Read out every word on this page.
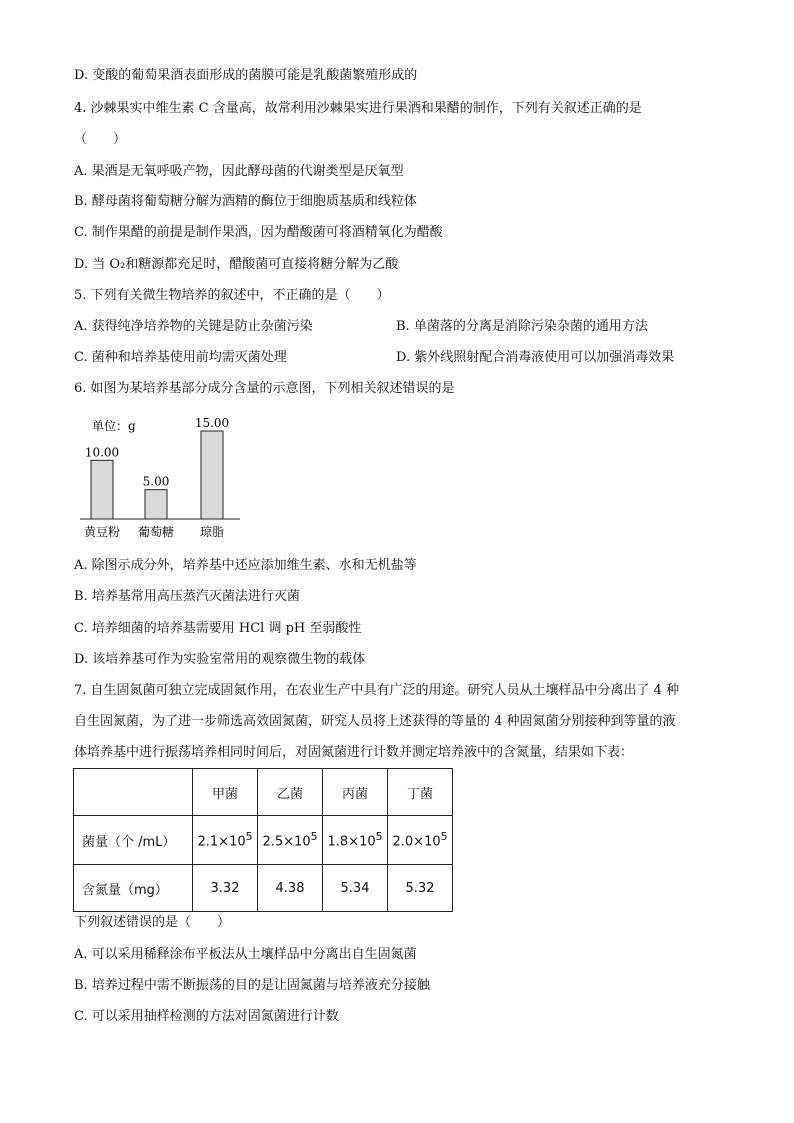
D. 变酸的葡萄果酒表面形成的菌膜可能是乳酸菌繁殖形成的
4. 沙棘果实中维生素 C 含量高，故常利用沙棘果实进行果酒和果醋的制作，下列有关叙述正确的是
（　　）
A. 果酒是无氧呼吸产物，因此酵母菌的代谢类型是厌氧型
B. 酵母菌将葡萄糖分解为酒精的酶位于细胞质基质和线粒体
C. 制作果醋的前提是制作果酒，因为醋酸菌可将酒精氧化为醋酸
D. 当 O₂和糖源都充足时，醋酸菌可直接将糖分解为乙酸
5. 下列有关微生物培养的叙述中，不正确的是（　　）
A. 获得纯净培养物的关键是防止杂菌污染	B. 单菌落的分离是消除污染杂菌的通用方法
C. 菌种和培养基使用前均需灭菌处理	D. 紫外线照射配合消毒液使用可以加强消毒效果
6. 如图为某培养基部分成分含量的示意图，下列相关叙述错误的是
单位：g
10.00
黄豆粉
5.00
葡萄糖
15.00
琼脂
A. 除图示成分外，培养基中还应添加维生素、水和无机盐等
B. 培养基常用高压蒸汽灭菌法进行灭菌
C. 培养细菌的培养基需要用 HCl 调 pH 至弱酸性
D. 该培养基可作为实验室常用的观察微生物的载体
7. 自生固氮菌可独立完成固氮作用，在农业生产中具有广泛的用途。研究人员从土壤样品中分离出了 4 种
自生固氮菌，为了进一步筛选高效固氮菌，研究人员将上述获得的等量的 4 种固氮菌分别接种到等量的液
体培养基中进行振荡培养相同时间后，对固氮菌进行计数并测定培养液中的含氮量，结果如下表：
	甲菌	乙菌	丙菌	丁菌
菌量（个 /mL）	$2.1\times 10^5$	$2.5\times 10^5$	$1.8\times 10^5$	$2.0\times 10^5$
含氮量（mg）	3.32	4.38	5.34	5.32
下列叙述错误的是（　　）
A. 可以采用稀释涂布平板法从土壤样品中分离出自生固氮菌
B. 培养过程中需不断振荡的目的是让固氮菌与培养液充分接触
C. 可以采用抽样检测的方法对固氮菌进行计数
